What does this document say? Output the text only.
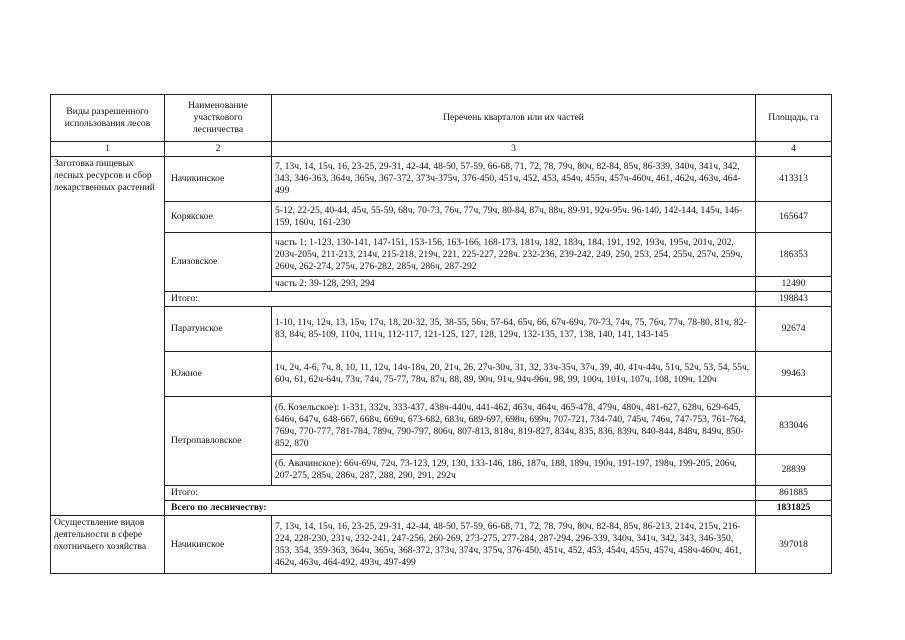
Виды разрешенного использования лесов	Наименование участкового лесничества	Перечень кварталов или их частей	Площадь, га
1	2	3	4
Заготовка пищевых лесных ресурсов и сбор лекарственных растений	Начикинское	7, 13ч, 14, 15ч, 16, 23-25, 29-31, 42-44, 48-50, 57-59, 66-68, 71, 72, 78, 79ч, 80ч, 82-84, 85ч, 86-339, 340ч, 341ч, 342, 343, 346-363, 364ч, 365ч, 367-372, 373ч-375ч, 376-450, 451ч, 452, 453, 454ч, 455ч, 457ч-460ч, 461, 462ч, 463ч, 464-499	413313
	Корякское	5-12, 22-25, 40-44, 45ч, 55-59, 68ч, 70-73, 76ч, 77ч, 79ч, 80-84, 87ч, 88ч, 89-91, 92ч-95ч. 96-140, 142-144, 145ч, 146-159, 160ч, 161-230	165647
	Елизовское	часть 1: 1-123, 130-141, 147-151, 153-156, 163-166, 168-173, 181ч, 182, 183ч, 184, 191, 192, 193ч, 195ч, 201ч, 202, 203ч-205ч, 211-213, 214ч, 215-218, 219ч, 221, 225-227, 228ч. 232-236, 239-242, 249, 250, 253, 254, 255ч, 257ч, 259ч, 260ч, 262-274, 275ч, 276-282, 285ч, 286ч, 287-292	186353
		часть 2: 39-128, 293, 294	12490
	Итого:		198843
	Паратунское	1-10, 11ч, 12ч, 13, 15ч, 17ч, 18, 20-32, 35, 38-55, 56ч, 57-64, 65ч, 66, 67ч-69ч, 70-73, 74ч, 75, 76ч, 77ч, 78-80, 81ч, 82-83, 84ч, 85-109, 110ч, 111ч, 112-117, 121-125, 127, 128, 129ч, 132-135, 137, 138, 140, 141, 143-145	92674
	Южное	1ч, 2ч, 4-6, 7ч, 8, 10, 11, 12ч, 14ч-18ч, 20, 21ч, 26, 27ч-30ч, 31, 32, 33ч-35ч, 37ч, 39, 40, 41ч-44ч, 51ч, 52ч, 53, 54, 55ч, 60ч, 61, 62ч-64ч, 73ч, 74ч, 75-77, 78ч, 87ч, 88, 89, 90ч, 91ч, 94ч-96ч, 98, 99, 100ч, 101ч, 107ч, 108, 109ч, 120ч	99463
	Петропавловское	(б. Козельское): 1-331, 332ч, 333-437, 438ч-440ч, 441-462, 463ч, 464ч, 465-478, 479ч, 480ч, 481-627, 628ч, 629-645, 646ч, 647ч, 648-667, 668ч, 669ч, 673-682, 683ч, 689-697, 698ч, 699ч, 707-721, 734-740, 745ч, 746ч, 747-753, 761-764, 769ч, 770-777, 781-784, 789ч, 790-797, 806ч, 807-813, 818ч, 819-827, 834ч, 835, 836, 839ч, 840-844, 848ч, 849ч, 850-852, 870	833046
		(б. Авачинское): 66ч-69ч, 72ч, 73-123, 129, 130, 133-146, 186, 187ч, 188, 189ч, 190ч, 191-197, 198ч, 199-205, 206ч, 207-275, 285ч, 286ч, 287, 288, 290, 291, 292ч	28839
	Итого:		861885
	Всего по лесничеству:		1831825
Осуществление видов деятельности в сфере охотничьего хозяйства	Начикинское	7, 13ч, 14, 15ч, 16, 23-25, 29-31, 42-44, 48-50, 57-59, 66-68, 71, 72, 78, 79ч, 80ч, 82-84, 85ч, 86-213, 214ч, 215ч, 216-224, 228-230, 231ч, 232-241, 247-256, 260-269, 273-275, 277-284, 287-294, 296-339, 340ч, 341ч, 342, 343, 346-350, 353, 354, 359-363, 364ч, 365ч, 368-372, 373ч, 374ч, 375ч, 376-450, 451ч, 452, 453, 454ч, 455ч, 457ч, 458ч-460ч, 461, 462ч, 463ч, 464-492, 493ч, 497-499	397018
